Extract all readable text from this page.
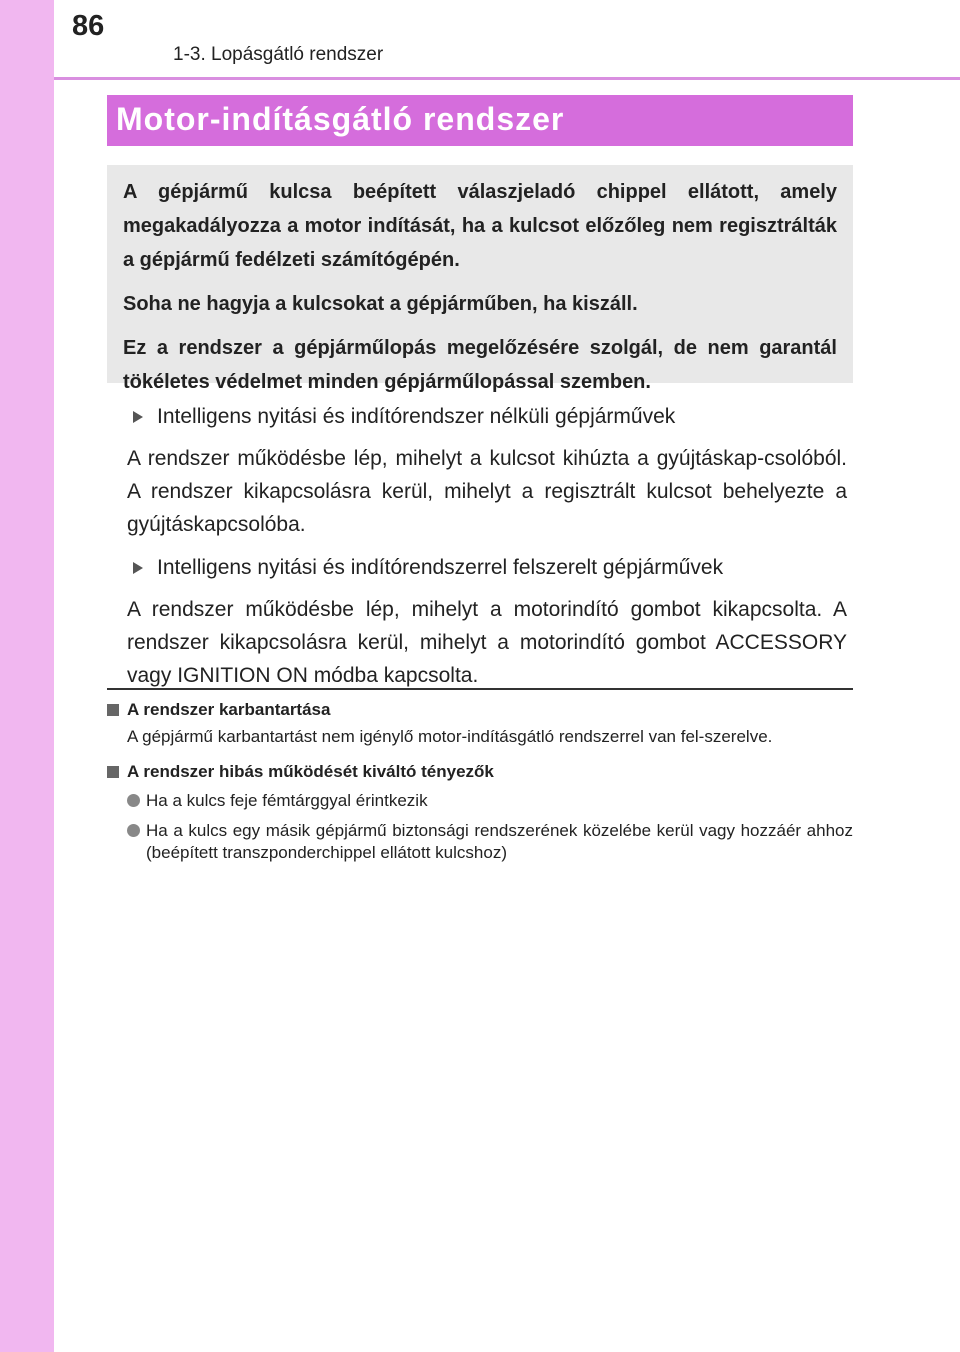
86
1-3. Lopásgátló rendszer
Motor-indításgátló rendszer

A gépjármű kulcsa beépített válaszjeladó chippel ellátott, amely megakadályozza a motor indítását, ha a kulcsot előzőleg nem regisztrálták a gépjármű fedélzeti számítógépén.

Soha ne hagyja a kulcsokat a gépjárműben, ha kiszáll.

Ez a rendszer a gépjárműlopás megelőzésére szolgál, de nem garantál tökéletes védelmet minden gépjárműlopással szemben.

Intelligens nyitási és indítórendszer nélküli gépjárművek

A rendszer működésbe lép, mihelyt a kulcsot kihúzta a gyújtáskap-csolóból. A rendszer kikapcsolásra kerül, mihelyt a regisztrált kulcsot behelyezte a gyújtáskapcsolóba.

Intelligens nyitási és indítórendszerrel felszerelt gépjárművek

A rendszer működésbe lép, mihelyt a motorindító gombot kikapcsolta. A rendszer kikapcsolásra kerül, mihelyt a motorindító gombot ACCESSORY vagy IGNITION ON módba kapcsolta.

A rendszer karbantartása

A gépjármű karbantartást nem igénylő motor-indításgátló rendszerrel van fel-szerelve.

A rendszer hibás működését kiváltó tényezők

Ha a kulcs feje fémtárggyal érintkezik
Ha a kulcs egy másik gépjármű biztonsági rendszerének közelébe kerül vagy hozzáér ahhoz (beépített transzponderchippel ellátott kulcshoz)
